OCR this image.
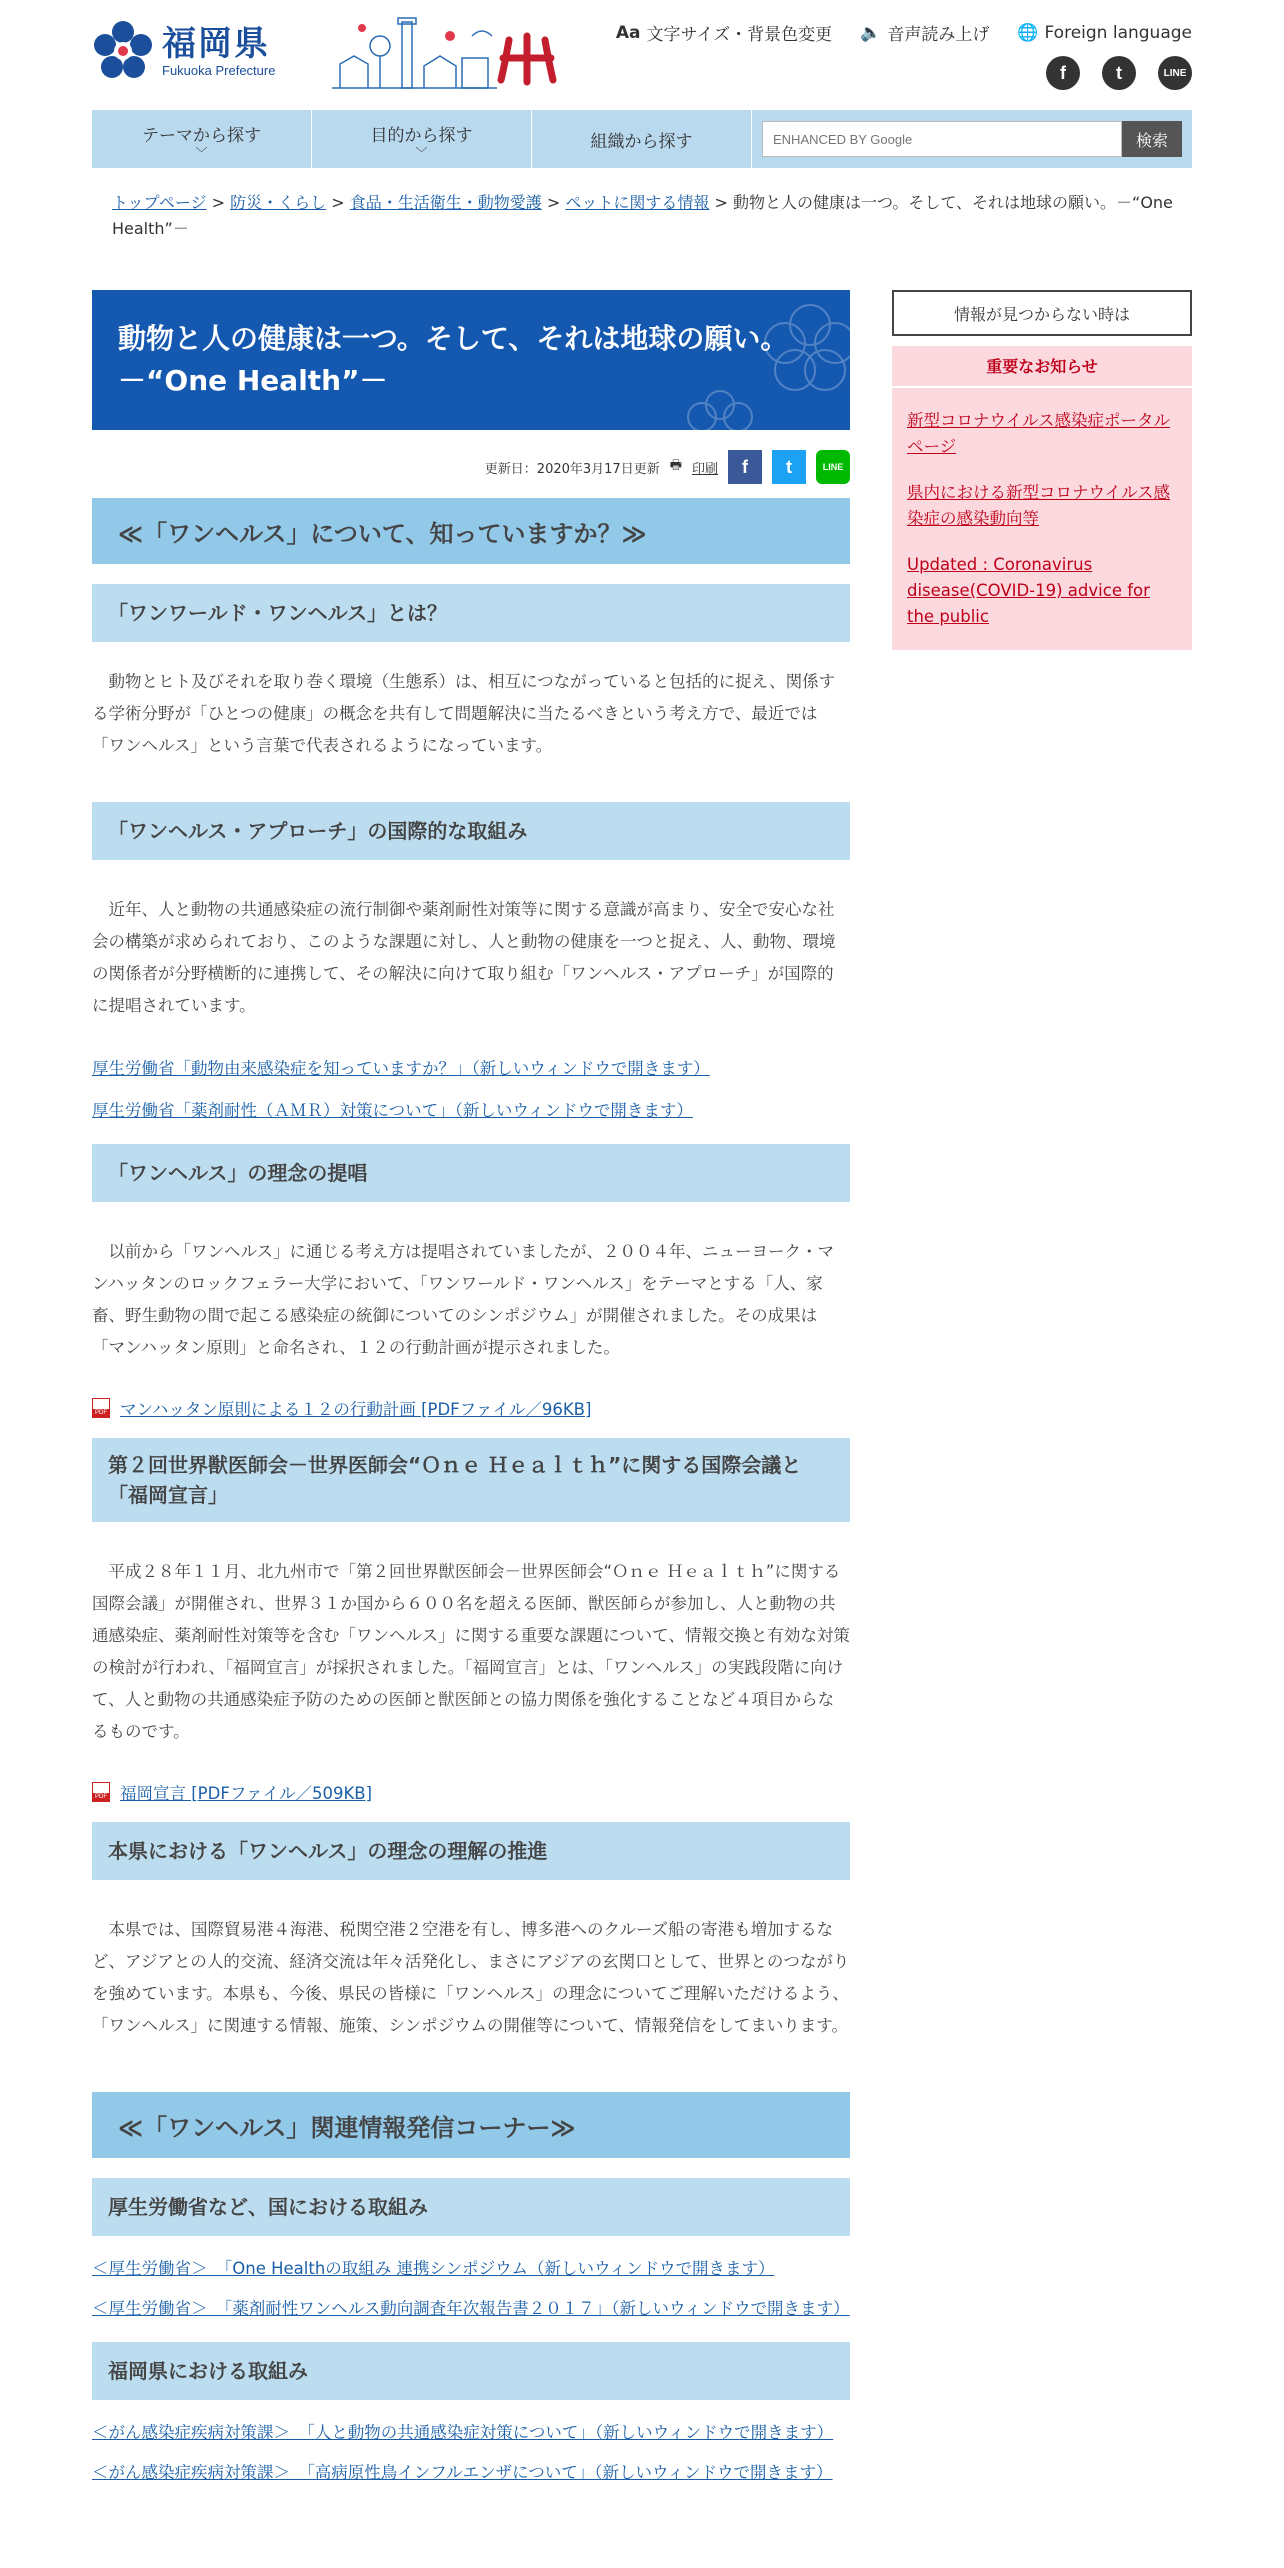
福岡県
Fukuoka Prefecture
Aa 文字サイズ・背景色変更 🔈 音声読み上げ 🌐 Foreign language
f	t	LINE
テーマから探す
﹀
目的から探す
﹀
組織から探す
ENHANCED BY Google	検索
トップページ > 防災・くらし > 食品・生活衛生・動物愛護 > ペットに関する情報 > 動物と人の健康は一つ。そして、それは地球の願い。－“One Health”－
動物と人の健康は一つ。そして、それは地球の願い。－“One Health”－
更新日：2020年3月17日更新 🖶 印刷	f	t	LINE
≪「ワンヘルス」について、知っていますか？≫
「ワンワールド・ワンヘルス」とは？

動物とヒト及びそれを取り巻く環境（生態系）は、相互につながっていると包括的に捉え、関係する学術分野が「ひとつの健康」の概念を共有して問題解決に当たるべきという考え方で、最近では「ワンヘルス」という言葉で代表されるようになっています。

「ワンヘルス・アプローチ」の国際的な取組み

近年、人と動物の共通感染症の流行制御や薬剤耐性対策等に関する意識が高まり、安全で安心な社会の構築が求められており、このような課題に対し、人と動物の健康を一つと捉え、人、動物、環境の関係者が分野横断的に連携して、その解決に向けて取り組む「ワンヘルス・アプローチ」が国際的に提唱されています。

厚生労働省「動物由来感染症を知っていますか？」（新しいウィンドウで開きます）
厚生労働省「薬剤耐性（ＡＭＲ）対策について」（新しいウィンドウで開きます）
「ワンヘルス」の理念の提唱

以前から「ワンヘルス」に通じる考え方は提唱されていましたが、２００４年、ニューヨーク・マンハッタンのロックフェラー大学において、「ワンワールド・ワンヘルス」をテーマとする「人、家畜、野生動物の間で起こる感染症の統御についてのシンポジウム」が開催されました。その成果は「マンハッタン原則」と命名され、１２の行動計画が提示されました。

PDF
マンハッタン原則による１２の行動計画 [PDFファイル／96KB]
第２回世界獣医師会－世界医師会“Ｏｎｅ Ｈｅａｌｔｈ”に関する国際会議と「福岡宣言」

平成２８年１１月、北九州市で「第２回世界獣医師会－世界医師会“Ｏｎｅ Ｈｅａｌｔｈ”に関する国際会議」が開催され、世界３１か国から６００名を超える医師、獣医師らが参加し、人と動物の共通感染症、薬剤耐性対策等を含む「ワンヘルス」に関する重要な課題について、情報交換と有効な対策の検討が行われ、「福岡宣言」が採択されました。「福岡宣言」とは、「ワンヘルス」の実践段階に向けて、人と動物の共通感染症予防のための医師と獣医師との協力関係を強化することなど４項目からなるものです。

PDF
福岡宣言 [PDFファイル／509KB]
本県における「ワンヘルス」の理念の理解の推進

本県では、国際貿易港４海港、税関空港２空港を有し、博多港へのクルーズ船の寄港も増加するなど、アジアとの人的交流、経済交流は年々活発化し、まさにアジアの玄関口として、世界とのつながりを強めています。本県も、今後、県民の皆様に「ワンヘルス」の理念についてご理解いただけるよう、「ワンヘルス」に関連する情報、施策、シンポジウムの開催等について、情報発信をしてまいります。

≪「ワンヘルス」関連情報発信コーナー≫
厚生労働省など、国における取組み
＜厚生労働省＞　「One Healthの取組み 連携シンポジウム（新しいウィンドウで開きます）
＜厚生労働省＞　「薬剤耐性ワンヘルス動向調査年次報告書２０１７」（新しいウィンドウで開きます）
福岡県における取組み
＜がん感染症疾病対策課＞　「人と動物の共通感染症対策について」（新しいウィンドウで開きます）
＜がん感染症疾病対策課＞　「高病原性鳥インフルエンザについて」（新しいウィンドウで開きます）
情報が見つからない時は
重要なお知らせ
新型コロナウイルス感染症ポータルページ
県内における新型コロナウイルス感染症の感染動向等
Updated : Coronavirus disease(COVID-19) advice for the public
